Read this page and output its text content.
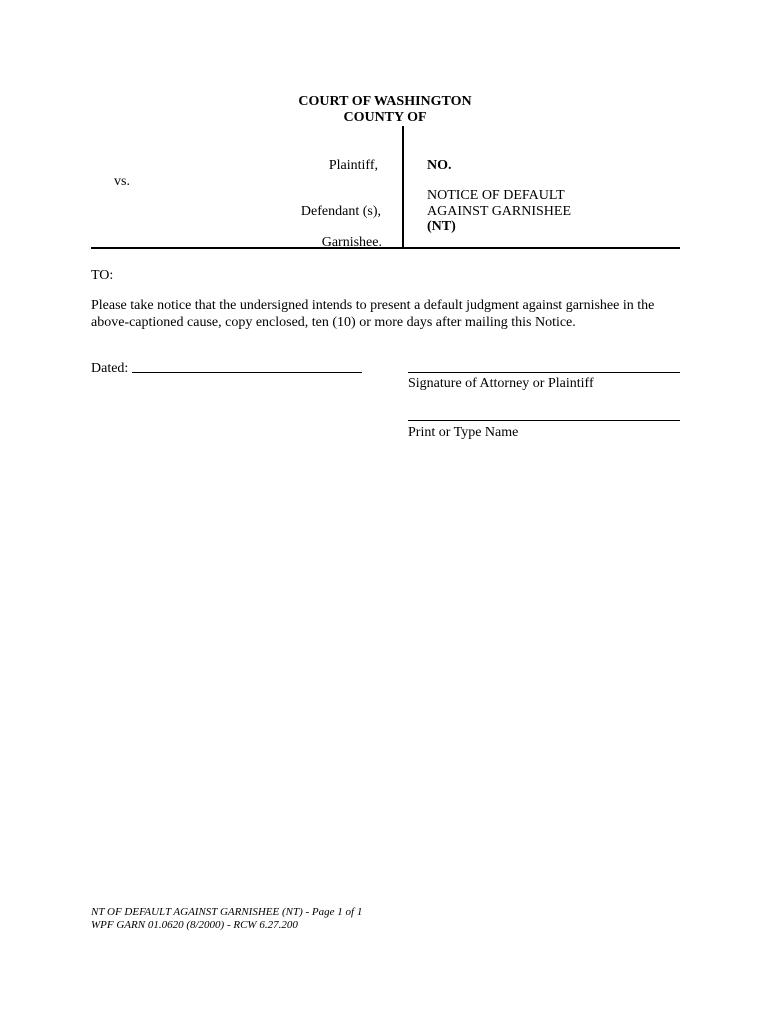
COURT OF WASHINGTON
COUNTY OF
Plaintiff,
vs.
Defendant (s),
Garnishee.
NO.
NOTICE OF DEFAULT
AGAINST GARNISHEE
(NT)
TO:
Please take notice that the undersigned intends to present a default judgment against garnishee in the above-captioned cause, copy enclosed, ten (10) or more days after mailing this Notice.
Dated:
Signature of Attorney or Plaintiff
Print or Type Name
NT OF DEFAULT AGAINST GARNISHEE (NT) - Page 1 of 1
WPF GARN 01.0620 (8/2000) - RCW 6.27.200
